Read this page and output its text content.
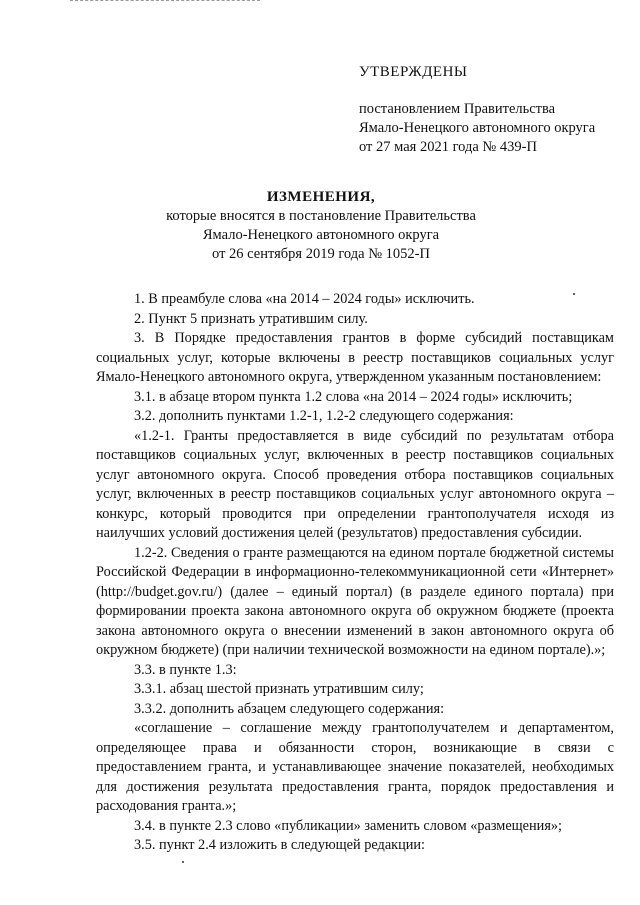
УТВЕРЖДЕНЫ
постановлением Правительства
Ямало-Ненецкого автономного округа
от 27 мая 2021 года № 439-П
ИЗМЕНЕНИЯ,
которые вносятся в постановление Правительства
Ямало-Ненецкого автономного округа
от 26 сентября 2019 года № 1052-П

1. В преамбуле слова «на 2014 – 2024 годы» исключить.

2. Пункт 5 признать утратившим силу.

3. В Порядке предоставления грантов в форме субсидий поставщикам социальных услуг, которые включены в реестр поставщиков социальных услуг Ямало-Ненецкого автономного округа, утвержденном указанным постановлением:

3.1. в абзаце втором пункта 1.2 слова «на 2014 – 2024 годы» исключить;

3.2. дополнить пунктами 1.2-1, 1.2-2 следующего содержания:

«1.2-1. Гранты предоставляется в виде субсидий по результатам отбора поставщиков социальных услуг, включенных в реестр поставщиков социальных услуг автономного округа. Способ проведения отбора поставщиков социальных услуг, включенных в реестр поставщиков социальных услуг автономного округа – конкурс, который проводится при определении грантополучателя исходя из наилучших условий достижения целей (результатов) предоставления субсидии.

1.2-2. Сведения о гранте размещаются на едином портале бюджетной системы Российской Федерации в информационно-телекоммуникационной сети «Интернет» (http://budget.gov.ru/) (далее – единый портал) (в разделе единого портала) при формировании проекта закона автономного округа об окружном бюджете (проекта закона автономного округа о внесении изменений в закон автономного округа об окружном бюджете) (при наличии технической возможности на едином портале).»;

3.3. в пункте 1.3:

3.3.1. абзац шестой признать утратившим силу;

3.3.2. дополнить абзацем следующего содержания:

«соглашение – соглашение между грантополучателем и департаментом, определяющее права и обязанности сторон, возникающие в связи с предоставлением гранта, и устанавливающее значение показателей, необходимых для достижения результата предоставления гранта, порядок предоставления и расходования гранта.»;

3.4. в пункте 2.3 слово «публикации» заменить словом «размещения»;

3.5. пункт 2.4 изложить в следующей редакции:
